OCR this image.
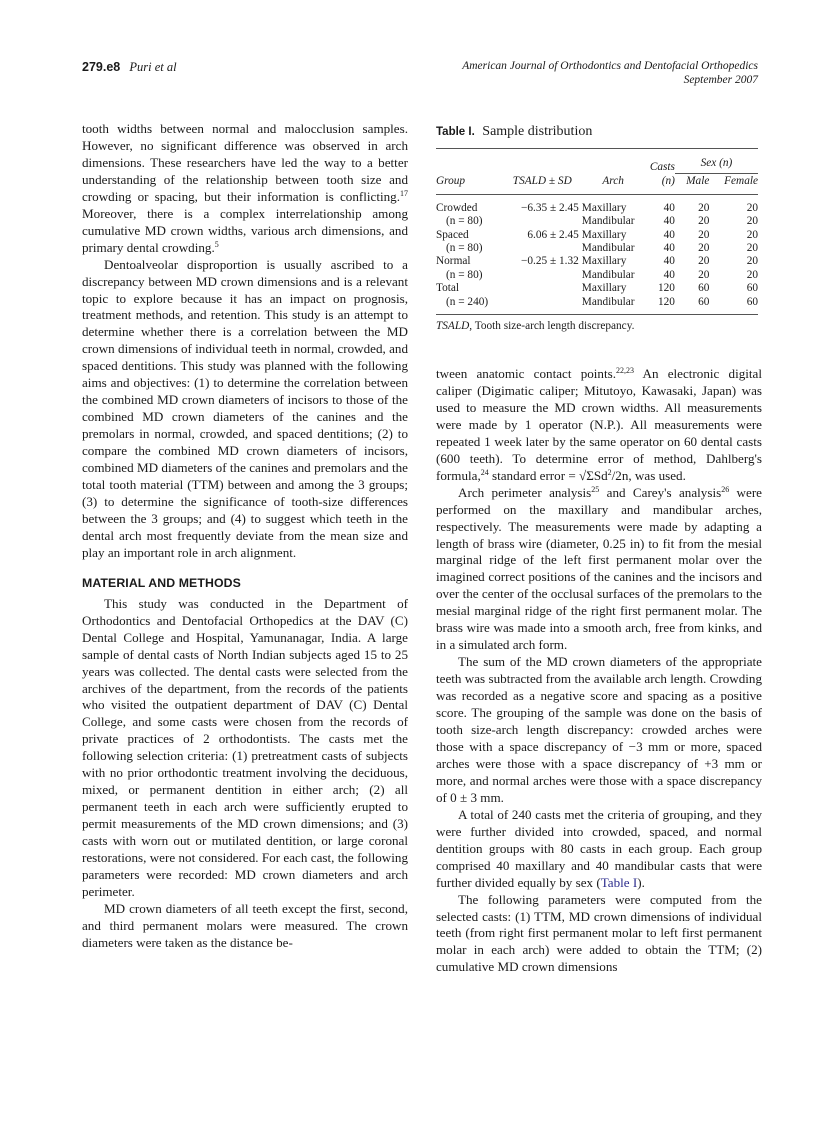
279.e8 Puri et al	American Journal of Orthodontics and Dentofacial Orthopedics
September 2007

tooth widths between normal and malocclusion samples. However, no significant difference was observed in arch dimensions. These researchers have led the way to a better understanding of the relationship between tooth size and crowding or spacing, but their information is conflicting.$^{17}$ Moreover, there is a complex interrelationship among cumulative MD crown widths, various arch dimensions, and primary dental crowding.$^5$

Dentoalveolar disproportion is usually ascribed to a discrepancy between MD crown dimensions and is a relevant topic to explore because it has an impact on prognosis, treatment methods, and retention. This study is an attempt to determine whether there is a correlation between the MD crown dimensions of individual teeth in normal, crowded, and spaced dentitions. This study was planned with the following aims and objectives: (1) to determine the correlation between the combined MD crown diameters of incisors to those of the combined MD crown diameters of the canines and the premolars in normal, crowded, and spaced dentitions; (2) to compare the combined MD crown diameters of incisors, combined MD diameters of the canines and premolars and the total tooth material (TTM) between and among the 3 groups; (3) to determine the significance of tooth-size differences between the 3 groups; and (4) to suggest which teeth in the dental arch most frequently deviate from the mean size and play an important role in arch alignment.

MATERIAL AND METHODS

This study was conducted in the Department of Orthodontics and Dentofacial Orthopedics at the DAV (C) Dental College and Hospital, Yamunanagar, India. A large sample of dental casts of North Indian subjects aged 15 to 25 years was collected. The dental casts were selected from the archives of the department, from the records of the patients who visited the outpatient department of DAV (C) Dental College, and some casts were chosen from the records of private practices of 2 orthodontists. The casts met the following selection criteria: (1) pretreatment casts of subjects with no prior orthodontic treatment involving the deciduous, mixed, or permanent dentition in either arch; (2) all permanent teeth in each arch were sufficiently erupted to permit measurements of the MD crown dimensions; and (3) casts with worn out or mutilated dentition, or large coronal restorations, were not considered. For each cast, the following parameters were recorded: MD crown diameters and arch perimeter.

MD crown diameters of all teeth except the first, second, and third permanent molars were measured. The crown diameters were taken as the distance be-

Table I. Sample distribution
			Casts	Sex (n)	
Group	TSALD ± SD	Arch	(n)	Male	Female
Crowded	−6.35 ± 2.45	Maxillary	40	20	20
(n = 80)		Mandibular	40	20	20
Spaced	6.06 ± 2.45	Maxillary	40	20	20
(n = 80)		Mandibular	40	20	20
Normal	−0.25 ± 1.32	Maxillary	40	20	20
(n = 80)		Mandibular	40	20	20
Total		Maxillary	120	60	60
(n = 240)		Mandibular	120	60	60
TSALD, Tooth size-arch length discrepancy.

tween anatomic contact points.$^{22,23}$ An electronic digital caliper (Digimatic caliper; Mitutoyo, Kawasaki, Japan) was used to measure the MD crown widths. All measurements were made by 1 operator (N.P.). All measurements were repeated 1 week later by the same operator on 60 dental casts (600 teeth). To determine error of method, Dahlberg's formula,$^{24}$ standard error = √ΣSd$^2$/2n, was used.

Arch perimeter analysis$^{25}$ and Carey's analysis$^{26}$ were performed on the maxillary and mandibular arches, respectively. The measurements were made by adapting a length of brass wire (diameter, 0.25 in) to fit from the mesial marginal ridge of the left first permanent molar over the imagined correct positions of the canines and the incisors and over the center of the occlusal surfaces of the premolars to the mesial marginal ridge of the right first permanent molar. The brass wire was made into a smooth arch, free from kinks, and in a simulated arch form.

The sum of the MD crown diameters of the appropriate teeth was subtracted from the available arch length. Crowding was recorded as a negative score and spacing as a positive score. The grouping of the sample was done on the basis of tooth size-arch length discrepancy: crowded arches were those with a space discrepancy of −3 mm or more, spaced arches were those with a space discrepancy of +3 mm or more, and normal arches were those with a space discrepancy of 0 ± 3 mm.

A total of 240 casts met the criteria of grouping, and they were further divided into crowded, spaced, and normal dentition groups with 80 casts in each group. Each group comprised 40 maxillary and 40 mandibular casts that were further divided equally by sex (Table I).

The following parameters were computed from the selected casts: (1) TTM, MD crown dimensions of individual teeth (from right first permanent molar to left first permanent molar in each arch) were added to obtain the TTM; (2) cumulative MD crown dimensions
